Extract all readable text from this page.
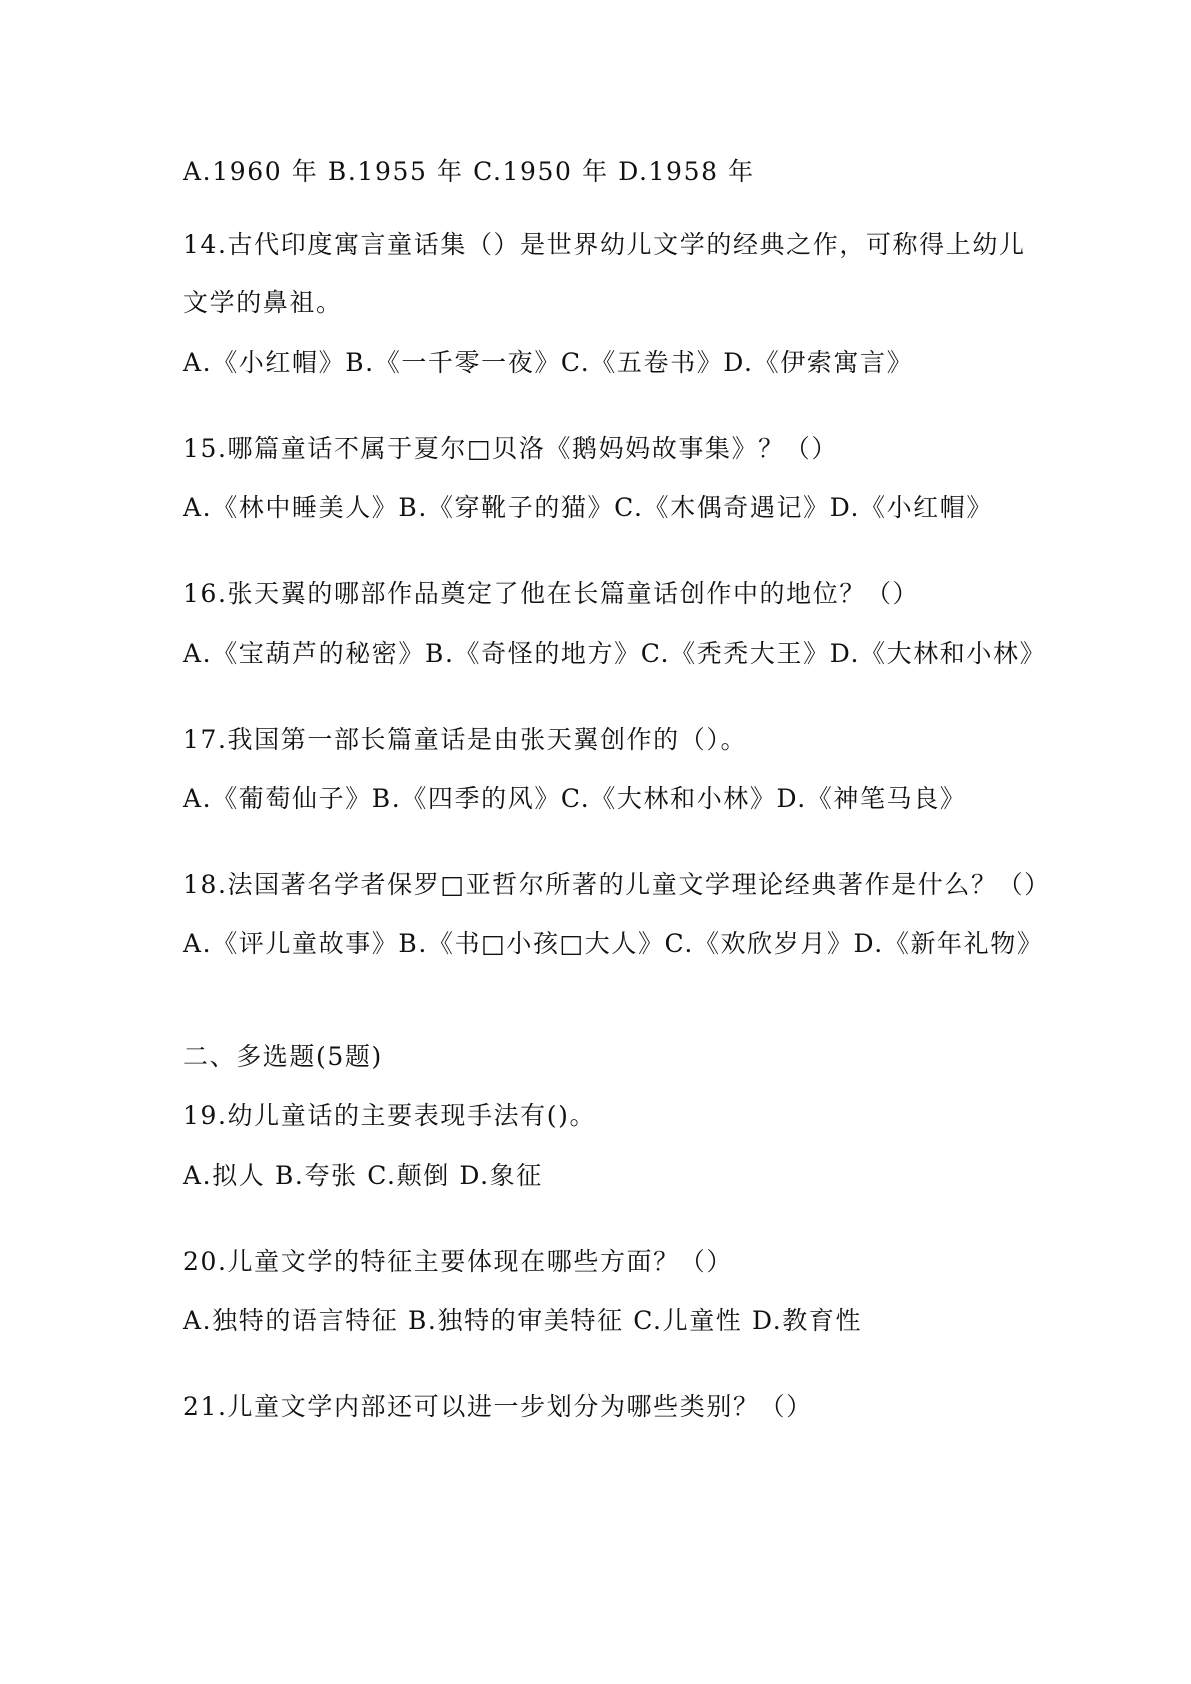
A.1960 年 B.1955 年 C.1950 年 D.1958 年
14.古代印度寓言童话集（）是世界幼儿文学的经典之作，可称得上幼儿
文学的鼻祖。
A.《小红帽》B.《一千零一夜》C.《五卷书》D.《伊索寓言》
15.哪篇童话不属于夏尔□贝洛《鹅妈妈故事集》？（）
A.《林中睡美人》B.《穿靴子的猫》C.《木偶奇遇记》D.《小红帽》
16.张天翼的哪部作品奠定了他在长篇童话创作中的地位？（）
A.《宝葫芦的秘密》B.《奇怪的地方》C.《秃秃大王》D.《大林和小林》
17.我国第一部长篇童话是由张天翼创作的（）。
A.《葡萄仙子》B.《四季的风》C.《大林和小林》D.《神笔马良》
18.法国著名学者保罗□亚哲尔所著的儿童文学理论经典著作是什么？（）
A.《评儿童故事》B.《书□小孩□大人》C.《欢欣岁月》D.《新年礼物》
二、多选题(5题)
19.幼儿童话的主要表现手法有()。
A.拟人 B.夸张 C.颠倒 D.象征
20.儿童文学的特征主要体现在哪些方面？（）
A.独特的语言特征 B.独特的审美特征 C.儿童性 D.教育性
21.儿童文学内部还可以进一步划分为哪些类别？（）
